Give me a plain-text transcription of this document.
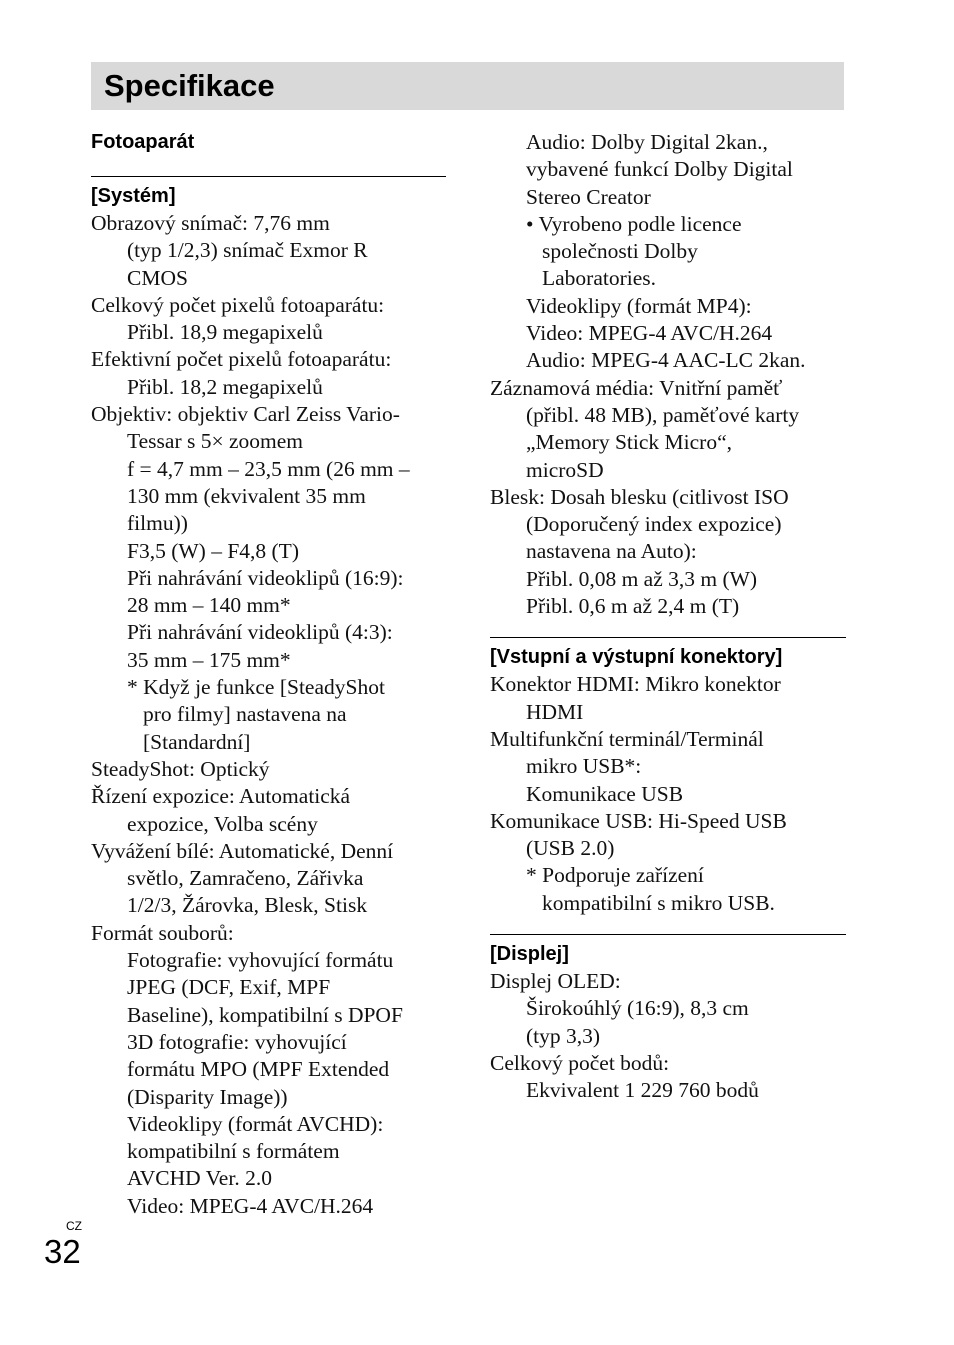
Specifikace
Fotoaparát
[Systém]
Obrazový snímač: 7,76 mm
(typ 1/2,3) snímač Exmor R
CMOS
Celkový počet pixelů fotoaparátu:
Přibl. 18,9 megapixelů
Efektivní počet pixelů fotoaparátu:
Přibl. 18,2 megapixelů
Objektiv: objektiv Carl Zeiss Vario-
Tessar s 5× zoomem
f = 4,7 mm – 23,5 mm (26 mm –
130 mm (ekvivalent 35 mm
filmu))
F3,5 (W) – F4,8 (T)
Při nahrávání videoklipů (16:9):
28 mm – 140 mm*
Při nahrávání videoklipů (4:3):
35 mm – 175 mm*
* Když je funkce [SteadyShot
pro filmy] nastavena na
[Standardní]
SteadyShot: Optický
Řízení expozice: Automatická
expozice, Volba scény
Vyvážení bílé: Automatické, Denní
světlo, Zamračeno, Zářivka
1/2/3, Žárovka, Blesk, Stisk
Formát souborů:
Fotografie: vyhovující formátu
JPEG (DCF, Exif, MPF
Baseline), kompatibilní s DPOF
3D fotografie: vyhovující
formátu MPO (MPF Extended
(Disparity Image))
Videoklipy (formát AVCHD):
kompatibilní s formátem
AVCHD Ver. 2.0
Video: MPEG-4 AVC/H.264
Audio: Dolby Digital 2kan.,
vybavené funkcí Dolby Digital
Stereo Creator
• Vyrobeno podle licence
společnosti Dolby
Laboratories.
Videoklipy (formát MP4):
Video: MPEG-4 AVC/H.264
Audio: MPEG-4 AAC-LC 2kan.
Záznamová média: Vnitřní paměť
(přibl. 48 MB), paměťové karty
„Memory Stick Micro“,
microSD
Blesk: Dosah blesku (citlivost ISO
(Doporučený index expozice)
nastavena na Auto):
Přibl. 0,08 m až 3,3 m (W)
Přibl. 0,6 m až 2,4 m (T)
[Vstupní a výstupní konektory]
Konektor HDMI: Mikro konektor
HDMI
Multifunkční terminál/Terminál
mikro USB*:
Komunikace USB
Komunikace USB: Hi-Speed USB
(USB 2.0)
* Podporuje zařízení
kompatibilní s mikro USB.
[Displej]
Displej OLED:
Širokoúhlý (16:9), 8,3 cm
(typ 3,3)
Celkový počet bodů:
Ekvivalent 1 229 760 bodů
CZ
32
